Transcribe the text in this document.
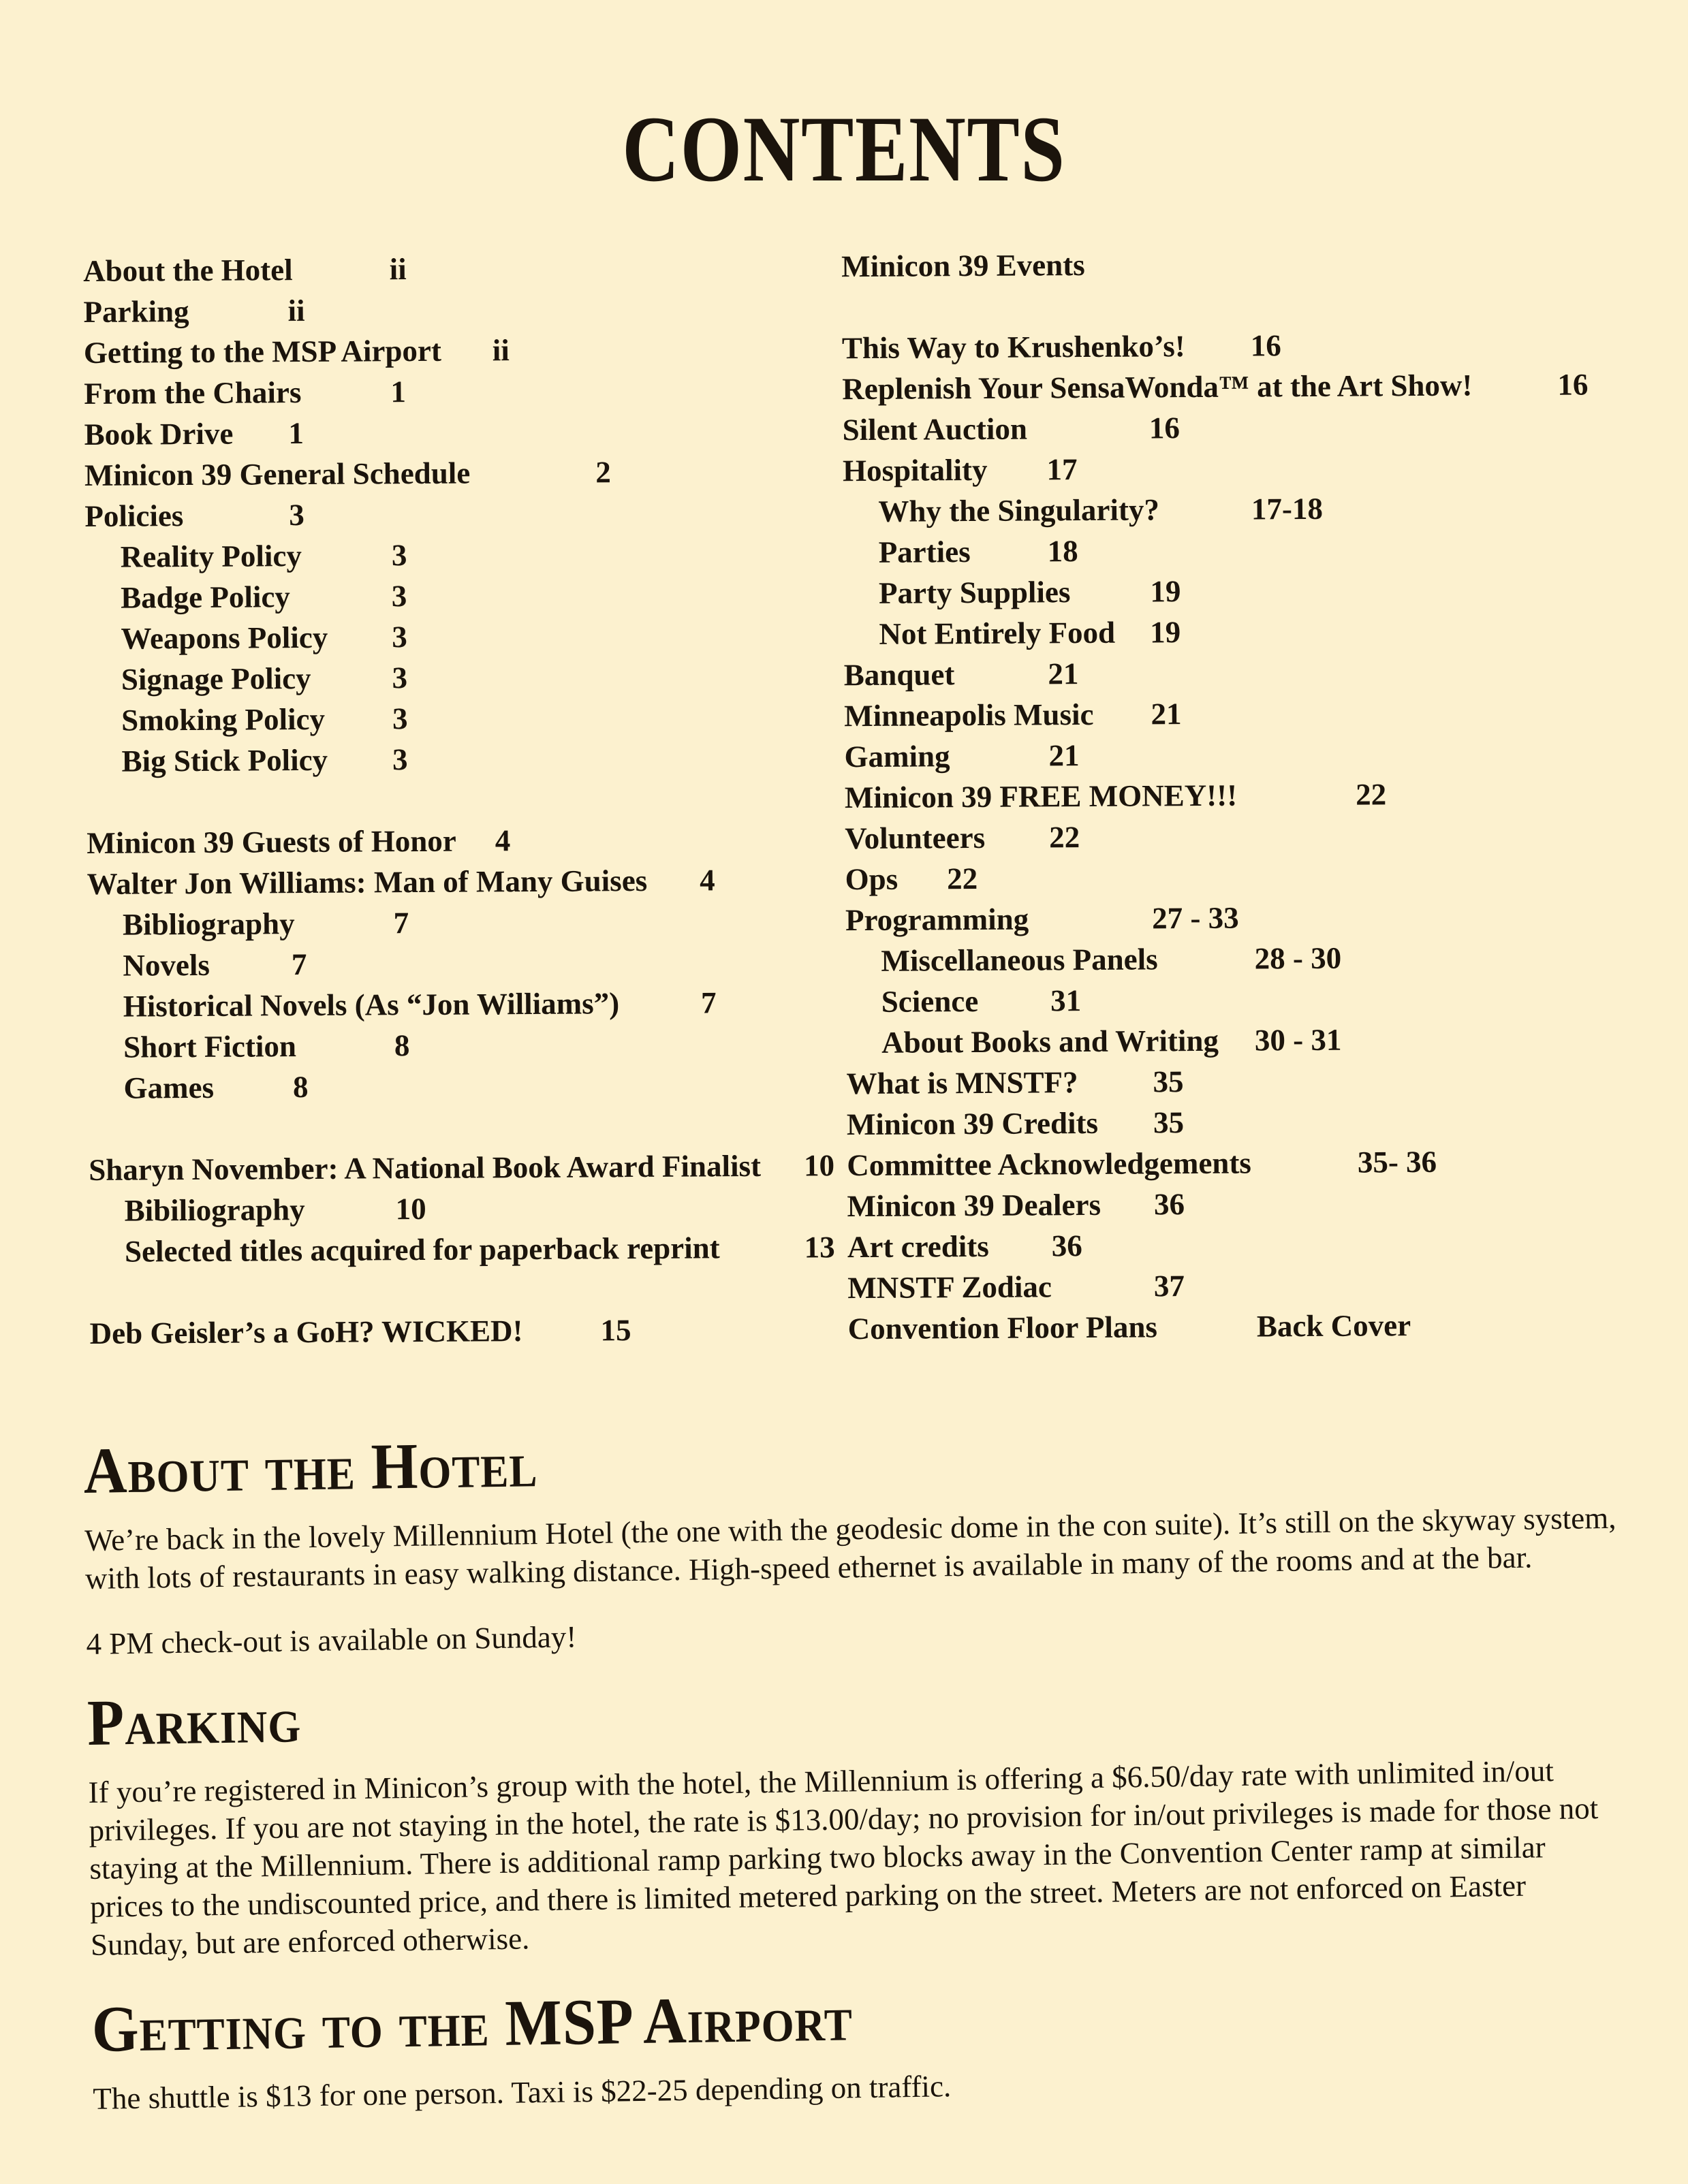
CONTENTS
About the Hotel	ii
Parking	ii
Getting to the MSP Airport ii
From the Chairs	1
Book Drive 1
Minicon 39 General Schedule	2
Policies	3
Reality Policy	3
Badge Policy	3
Weapons Policy 3
Signage Policy	3
Smoking Policy 3
Big Stick Policy 3
Minicon 39 Guests of Honor 4
Walter Jon Williams: Man of Many Guises 4
Bibliography	7
Novels	7
Historical Novels (As “Jon Williams”)	7
Short Fiction	8
Games	8
Sharyn November: A National Book Award Finalist 10
Bibiliography	10
Selected titles acquired for paperback reprint	13
Deb Geisler’s a GoH? WICKED!	15
Minicon 39 Events
This Way to Krushenko’s! 16
Replenish Your SensaWonda™ at the Art Show!	16
Silent Auction	16
Hospitality 17
Why the Singularity?	17-18
Parties	18
Party Supplies	19
Not Entirely Food 19
Banquet	21
Minneapolis Music 21
Gaming	21
Minicon 39 FREE MONEY!!!	22
Volunteers 22
Ops 22
Programming	27 - 33
Miscellaneous Panels	28 - 30
Science 31
About Books and Writing 30 - 31
What is MNSTF? 35
Minicon 39 Credits 35
Committee Acknowledgements	35- 36
Minicon 39 Dealers 36
Art credits 36
MNSTF Zodiac	37
Convention Floor Plans	Back Cover
About the Hotel

We’re back in the lovely Millennium Hotel (the one with the geodesic dome in the con suite). It’s still on the skyway system, with lots of restaurants in easy walking distance. High-speed ethernet is available in many of the rooms and at the bar.

4 PM check-out is available on Sunday!

Parking

If you’re registered in Minicon’s group with the hotel, the Millennium is offering a $6.50/day rate with unlimited in/out privileges. If you are not staying in the hotel, the rate is $13.00/day; no provision for in/out privileges is made for those not staying at the Millennium. There is additional ramp parking two blocks away in the Convention Center ramp at similar prices to the undiscounted price, and there is limited metered parking on the street. Meters are not enforced on Easter Sunday, but are enforced otherwise.

Getting to the MSP Airport

The shuttle is $13 for one person. Taxi is $22-25 depending on traffic.
